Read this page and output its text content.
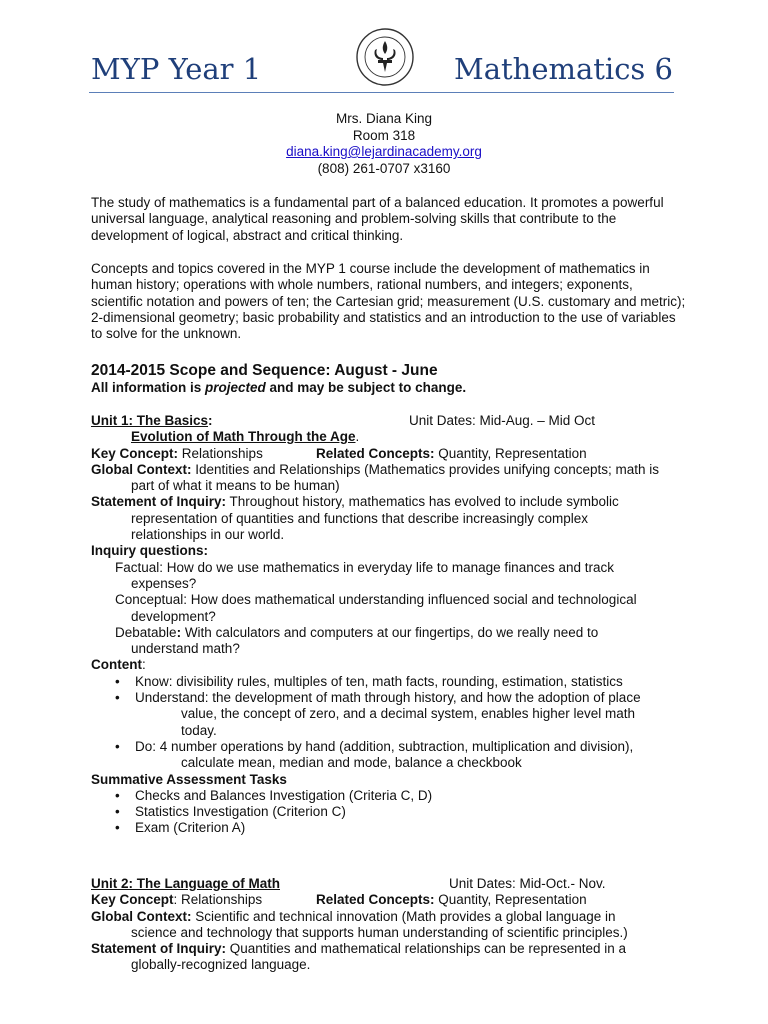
MYP Year 1	Mathematics 6
Mrs. Diana King
Room 318
diana.king@lejardinacademy.org
(808) 261-0707 x3160

The study of mathematics is a fundamental part of a balanced education. It promotes a powerful universal language, analytical reasoning and problem-solving skills that contribute to the development of logical, abstract and critical thinking.

Concepts and topics covered in the MYP 1 course include the development of mathematics in human history; operations with whole numbers, rational numbers, and integers; exponents, scientific notation and powers of ten; the Cartesian grid; measurement (U.S. customary and metric); 2-dimensional geometry; basic probability and statistics and an introduction to the use of variables to solve for the unknown.

2014-2015 Scope and Sequence: August - June
All information is projected and may be subject to change.
Unit 1: The Basics:	Unit Dates: Mid-Aug. – Mid Oct
Evolution of Math Through the Age.
Key Concept: Relationships	Related Concepts: Quantity, Representation
Global Context: Identities and Relationships (Mathematics provides unifying concepts; math is
part of what it means to be human)
Statement of Inquiry: Throughout history, mathematics has evolved to include symbolic
representation of quantities and functions that describe increasingly complex
relationships in our world.
Inquiry questions:
Factual: How do we use mathematics in everyday life to manage finances and track
expenses?
Conceptual: How does mathematical understanding influenced social and technological
development?
Debatable: With calculators and computers at our fingertips, do we really need to
understand math?
Content:
• Know: divisibility rules, multiples of ten, math facts, rounding, estimation, statistics
• Understand: the development of math through history, and how the adoption of place
value, the concept of zero, and a decimal system, enables higher level math
today.
• Do: 4 number operations by hand (addition, subtraction, multiplication and division),
calculate mean, median and mode, balance a checkbook
Summative Assessment Tasks
• Checks and Balances Investigation (Criteria C, D)
• Statistics Investigation (Criterion C)
• Exam (Criterion A)
Unit 2: The Language of Math	Unit Dates: Mid-Oct.- Nov.
Key Concept: Relationships	Related Concepts: Quantity, Representation
Global Context: Scientific and technical innovation (Math provides a global language in
science and technology that supports human understanding of scientific principles.)
Statement of Inquiry: Quantities and mathematical relationships can be represented in a
globally-recognized language.
